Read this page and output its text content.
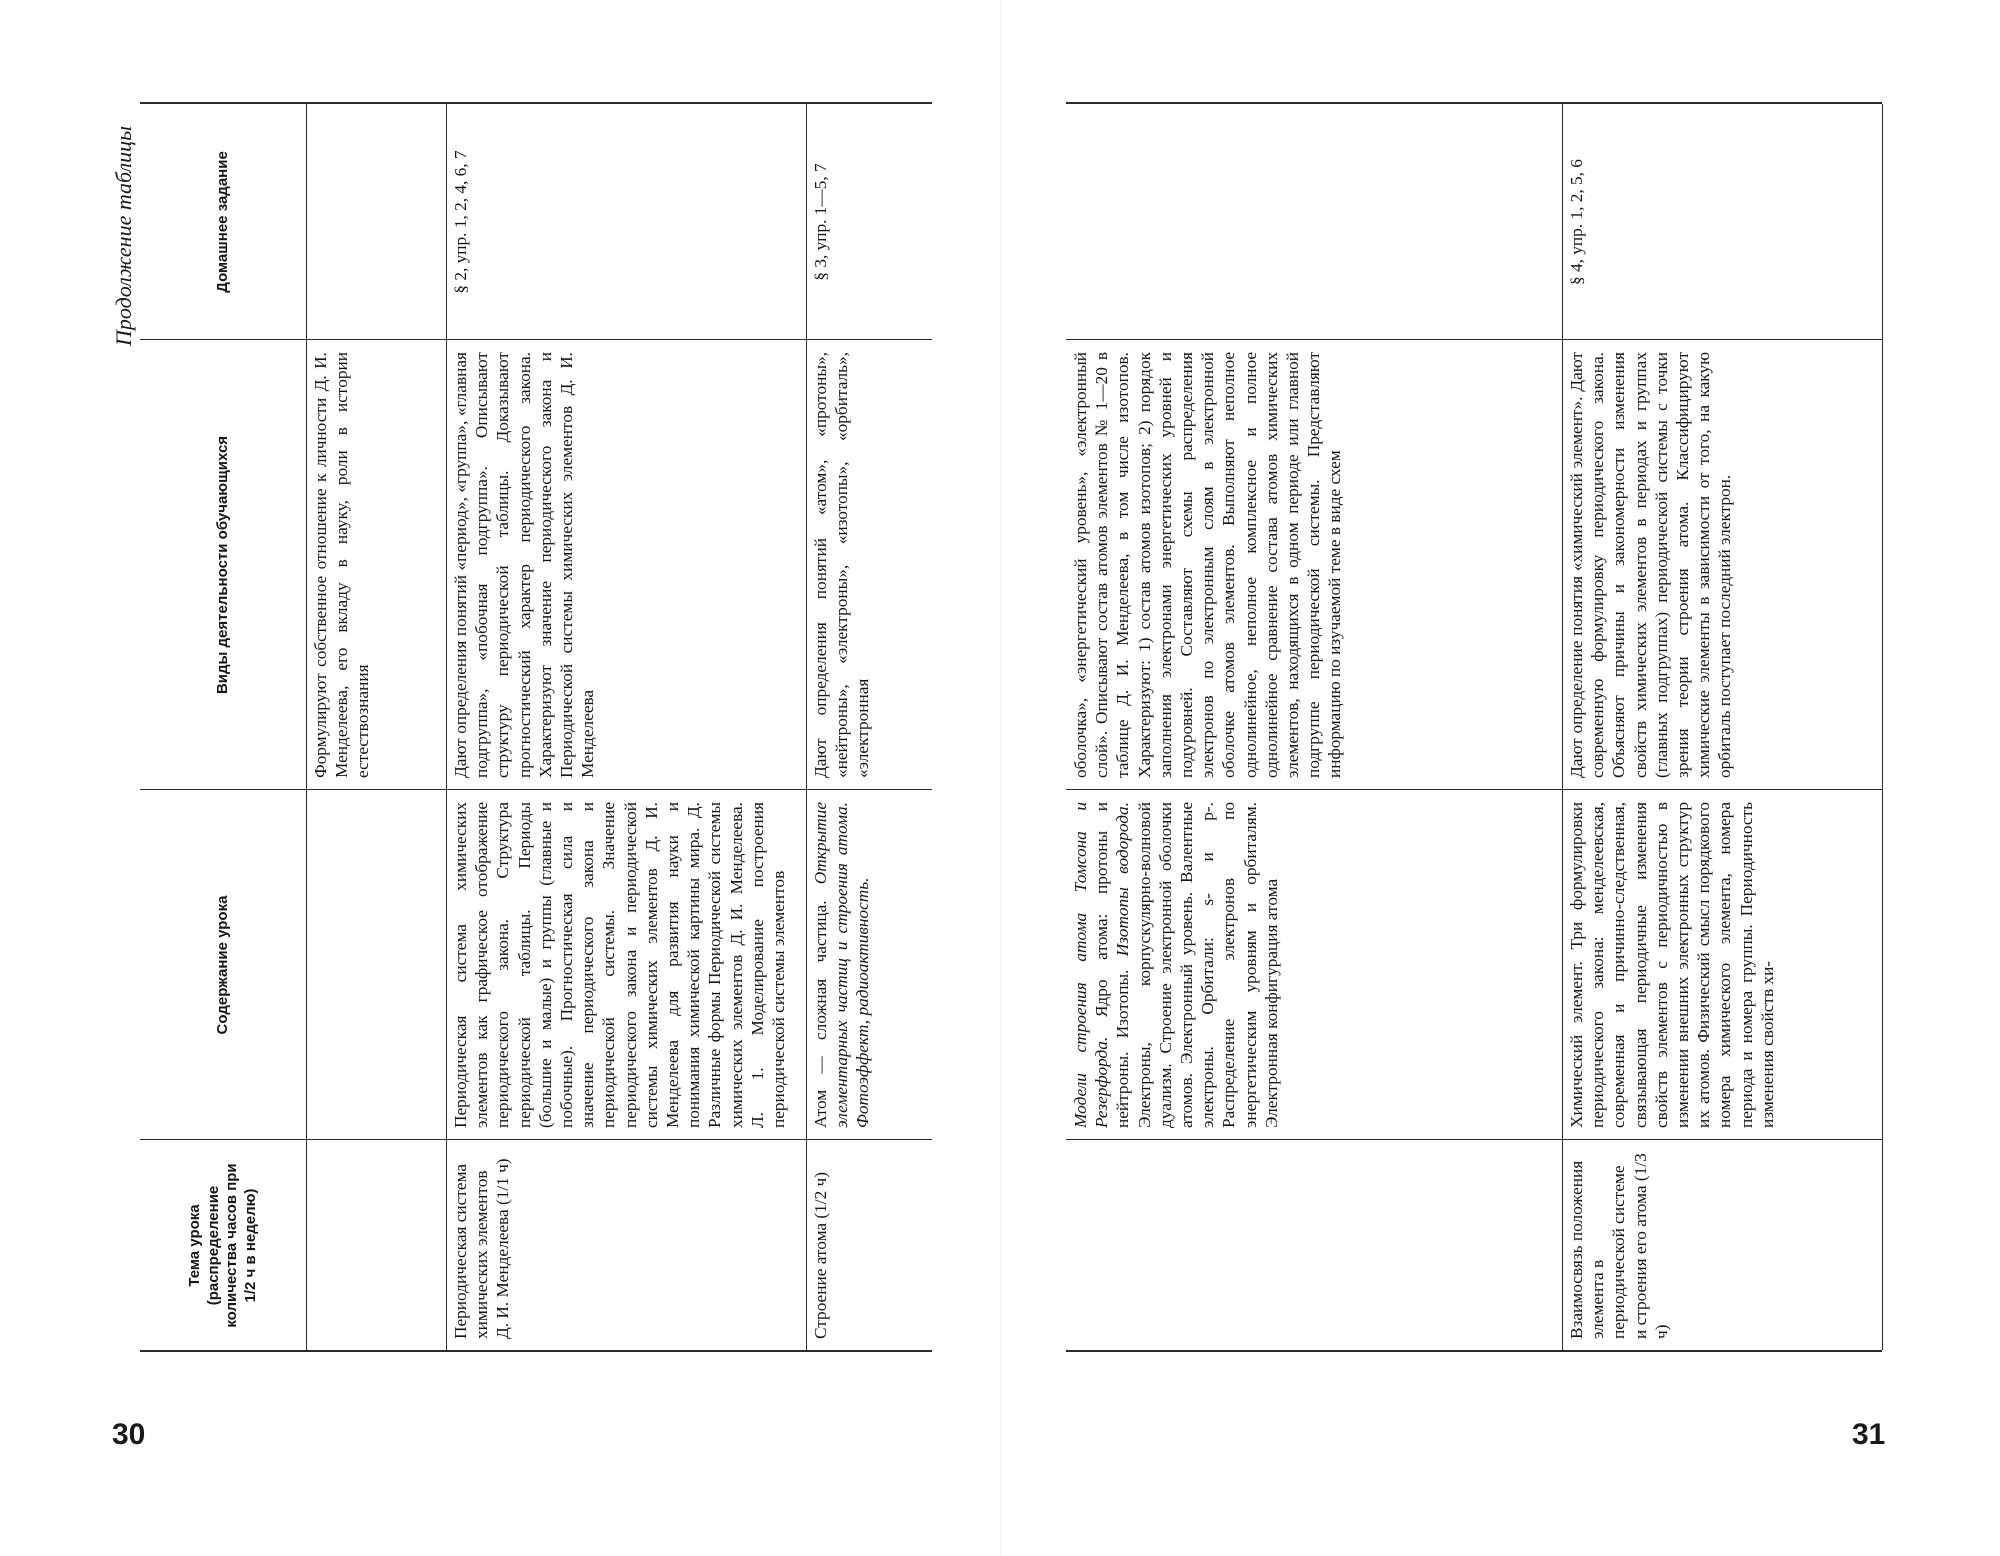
30
Тема урока (распределение количества часов при 1/2 ч в неделю)
Содержание урока
Виды деятельности обучающихся
Домашнее задание
Формулируют собственное отношение к личности Д. И. Менделеева, его вкладу в науку, роли в истории естествознания
Периодическая система химических элементов Д. И. Менделеева (1/1 ч)
Периодическая система химических элементов как графическое отображение периодического закона. Структура периодической таблицы. Периоды (большие и малые) и группы (главные и побочные). Прогностическая сила и значение периодического закона и периодической системы. Значение периодического закона и периодической системы химических элементов Д. И. Менделеева для развития науки и понимания химической картины мира. Д. Различные формы Периодической системы химических элементов Д. И. Менделеева. Л. 1. Моделирование построения периодической системы элементов
Дают определения понятий «период», «группа», «главная подгруппа», «побочная подгруппа». Описывают структуру периодической таблицы. Доказывают прогностический характер периодического закона. Характеризуют значение периодического закона и Периодической системы химических элементов Д. И. Менделеева
§ 2, упр. 1, 2, 4, 6, 7
Строение атома (1/2 ч)
Атом — сложная частица. Открытие элементарных частиц и строения атома. Фотоэффект, радиоактивность.
Дают определения понятий «атом», «протоны», «нейтроны», «электроны», «изотопы», «орбиталь», «электронная
§ 3, упр. 1—5, 7
Продолжение таблицы
31
Модели строения атома Томсона и Резерфорда. Ядро атома: протоны и нейтроны. Изотопы. Изотопы водорода. Электроны, корпускулярно-волновой дуализм. Строение электронной оболочки атомов. Электронный уровень. Валентные электроны. Орбитали: s- и p-. Распределение электронов по энергетическим уровням и орбиталям. Электронная конфигурация атома
оболочка», «энергетический уровень», «электронный слой». Описывают состав атомов элементов № 1—20 в таблице Д. И. Менделеева, в том числе изотопов. Характеризуют: 1) состав атомов изотопов; 2) порядок заполнения электронами энергетических уровней и подуровней. Составляют схемы распределения электронов по электронным слоям в электронной оболочке атомов элементов. Выполняют неполное однолинейное, неполное комплексное и полное однолинейное сравнение состава атомов химических элементов, находящихся в одном периоде или главной подгруппе периодической системы. Представляют информацию по изучаемой теме в виде схем
Взаимосвязь положения элемента в периодической системе и строения его атома (1/3 ч)
Химический элемент. Три формулировки периодического закона: менделеевская, современная и причинно-следственная, связывающая периодичные изменения свойств элементов с периодичностью в изменении внешних электронных структур их атомов. Физический смысл порядкового номера химического элемента, номера периода и номера группы. Периодичность изменения свойств хи-
Дают определение понятия «химический элемент». Дают современную формулировку периодического закона. Объясняют причины и закономерности изменения свойств химических элементов в периодах и группах (главных подгруппах) периодической системы с точки зрения теории строения атома. Классифицируют химические элементы в зависимости от того, на какую орбиталь поступает последний электрон.
§ 4, упр. 1, 2, 5, 6
